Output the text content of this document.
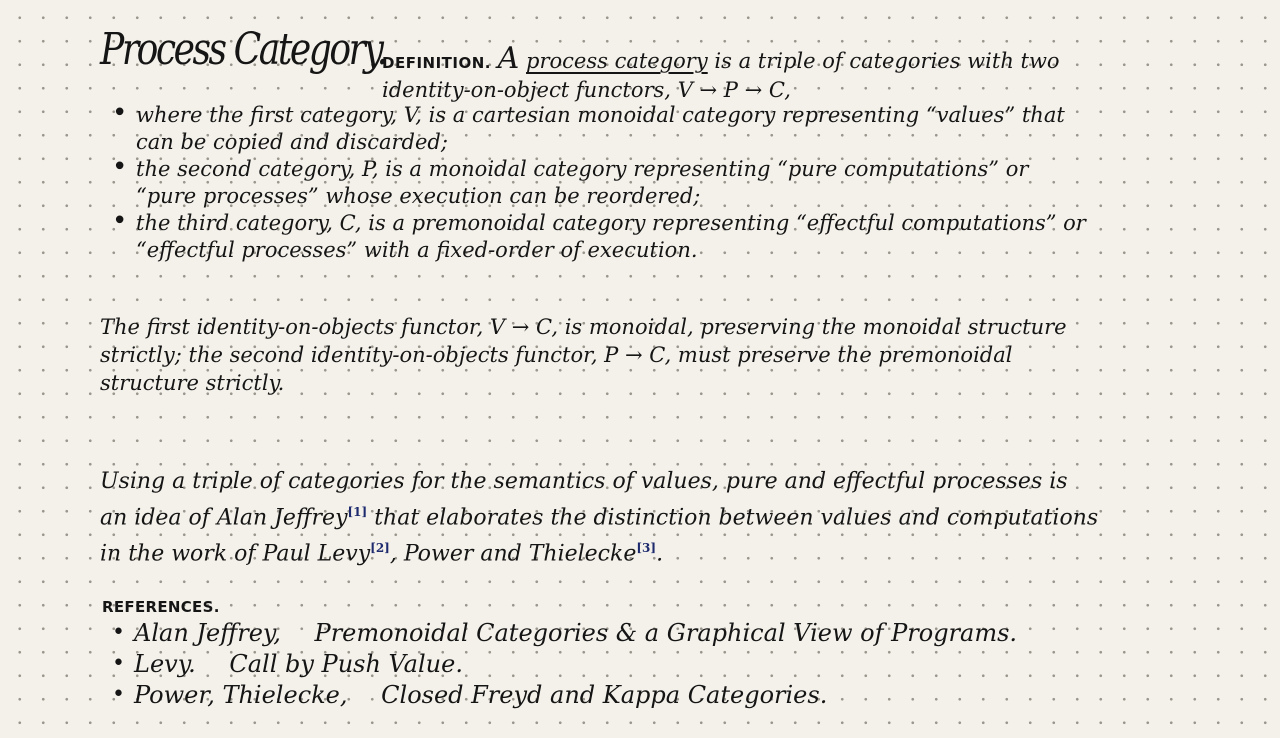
Process Category.
DEFINITION. A process category is a triple of categories with two identity-on-object functors, V → P → C,
• where the first category, V, is a cartesian monoidal category representing “values” that can be copied and discarded;
• the second category, P, is a monoidal category representing “pure computations” or “pure processes” whose execution can be reordered;
• the third category, C, is a premonoidal category representing “effectful computations” or “effectful processes” with a fixed-order of execution.
The first identity-on-objects functor, V → C, is monoidal, preserving the monoidal structure strictly; the second identity-on-objects functor, P → C, must preserve the premonoidal structure strictly.
Using a triple of categories for the semantics of values, pure and effectful processes is an idea of Alan Jeffrey[1] that elaborates the distinction between values and computations in the work of Paul Levy[2], Power and Thielecke[3].
REFERENCES.
• Alan Jeffrey, Premonoidal Categories & a Graphical View of Programs.
• Levy. Call by Push Value.
• Power, Thielecke, Closed Freyd and Kappa Categories.
